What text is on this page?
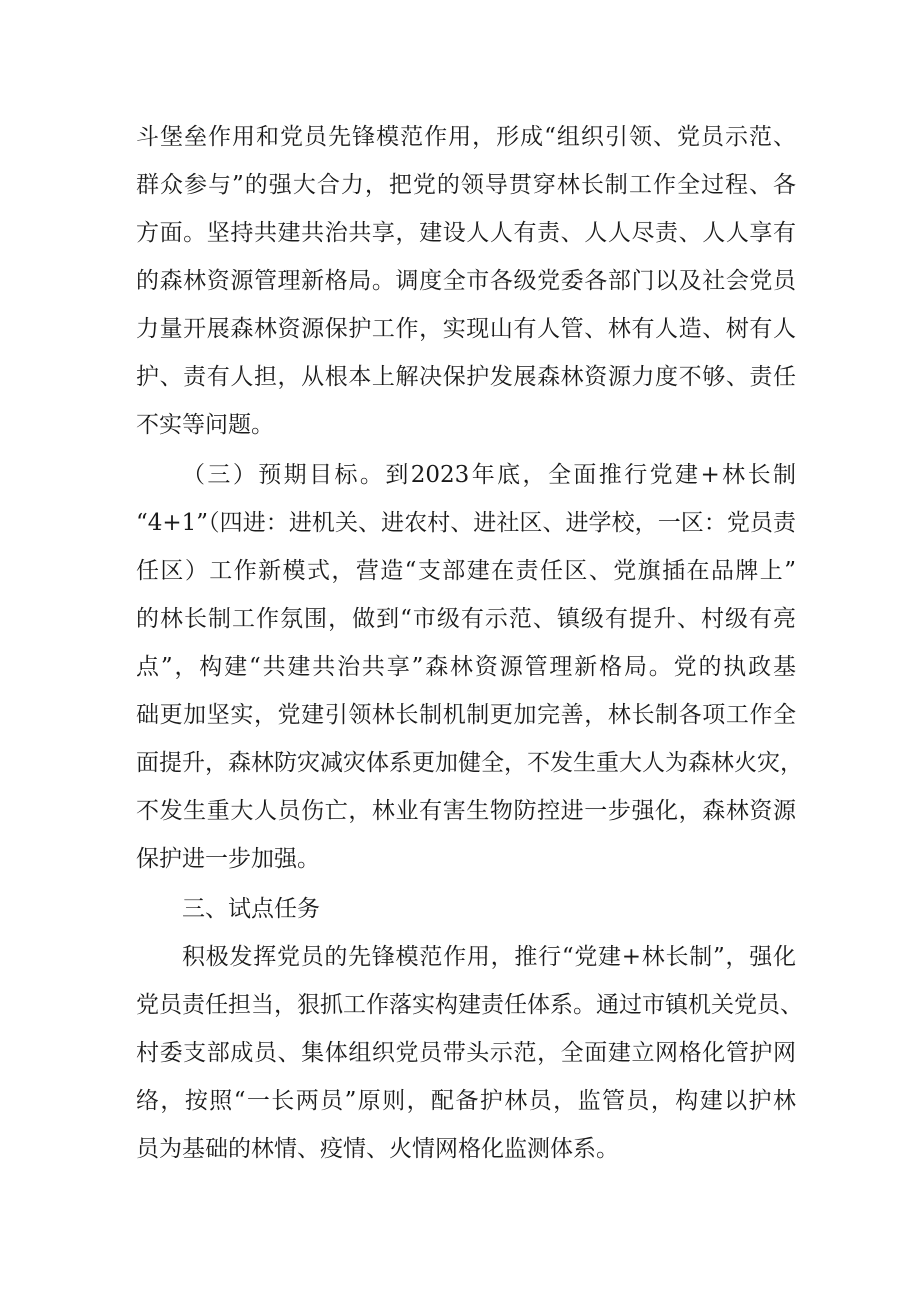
斗堡垒作用和党员先锋模范作用，形成“组织引领、党员示范、
群众参与”的强大合力，把党的领导贯穿林长制工作全过程、各
方面。坚持共建共治共享，建设人人有责、人人尽责、人人享有
的森林资源管理新格局。调度全市各级党委各部门以及社会党员
力量开展森林资源保护工作，实现山有人管、林有人造、树有人
护、责有人担，从根本上解决保护发展森林资源力度不够、责任
不实等问题。
（三）预期目标。到2023年底，全面推行党建+林长制
“4+1”（四进：进机关、进农村、进社区、进学校，一区：党员责
任区）工作新模式，营造“支部建在责任区、党旗插在品牌上”
的林长制工作氛围，做到“市级有示范、镇级有提升、村级有亮
点”，构建“共建共治共享”森林资源管理新格局。党的执政基
础更加坚实，党建引领林长制机制更加完善，林长制各项工作全
面提升，森林防灾减灾体系更加健全，不发生重大人为森林火灾，
不发生重大人员伤亡，林业有害生物防控进一步强化，森林资源
保护进一步加强。
三、试点任务
积极发挥党员的先锋模范作用，推行“党建+林长制”，强化
党员责任担当，狠抓工作落实构建责任体系。通过市镇机关党员、
村委支部成员、集体组织党员带头示范，全面建立网格化管护网
络，按照“一长两员”原则，配备护林员，监管员，构建以护林
员为基础的林情、疫情、火情网格化监测体系。
